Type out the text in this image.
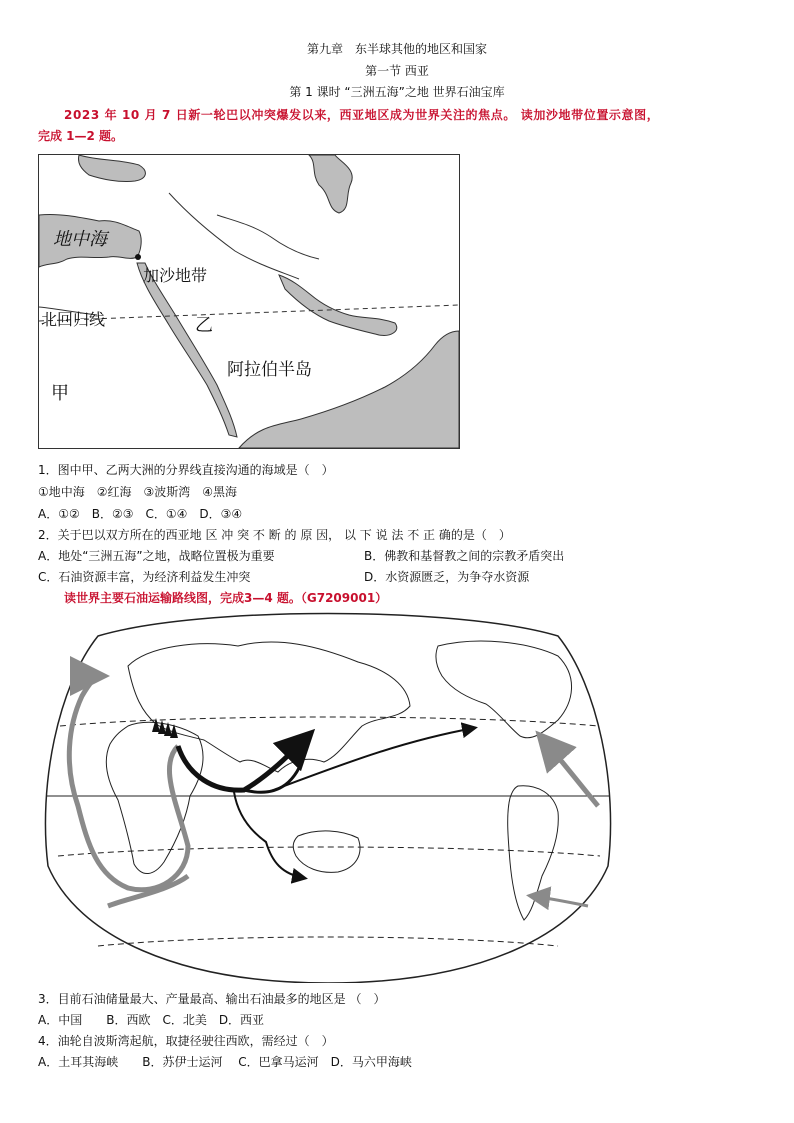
第九章　东半球其他的地区和国家
第一节 西亚
第 1 课时 “三洲五海”之地 世界石油宝库
2023 年 10 月 7 日新一轮巴以冲突爆发以来，西亚地区成为世界关注的焦点。 读加沙地带位置示意图，
完成 1—2 题。
地中海
加沙地带
北回归线	乙
阿拉伯半岛
甲
1．图中甲、乙两大洲的分界线直接沟通的海域是（　）
①地中海　②红海　③波斯湾　④黑海
A．①②　B．②③　C．①④　D．③④
2．关于巴以双方所在的西亚地 区 冲 突 不 断 的 原 因， 以 下 说 法 不 正 确的是（　）
A．地处“三洲五海”之地，战略位置极为重要	B．佛教和基督教之间的宗教矛盾突出
C．石油资源丰富，为经济利益发生冲突	D．水资源匮乏，为争夺水资源
读世界主要石油运输路线图，完成3—4 题。（G7209001）
3．目前石油储量最大、产量最高、输出石油最多的地区是 （　）
A．中国　　B．西欧　C．北美　D．西亚
4．油轮自波斯湾起航，取捷径驶往西欧，需经过（　）
A．土耳其海峡　　B．苏伊士运河　 C．巴拿马运河　D．马六甲海峡
